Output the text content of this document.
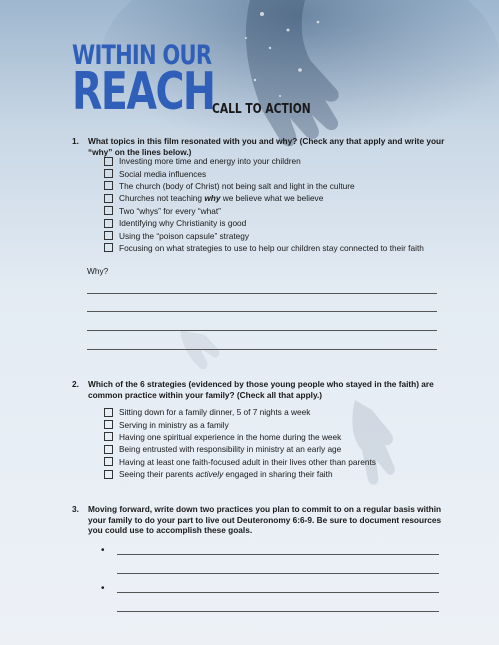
WITHIN OUR
REACH
CALL TO ACTION
1. What topics in this film resonated with you and why? (Check any that apply and write your
“why” on the lines below.)
Investing more time and energy into your children
Social media influences
The church (body of Christ) not being salt and light in the culture
Churches not teaching why we believe what we believe
Two “whys” for every “what”
Identifying why Christianity is good
Using the “poison capsule” strategy
Focusing on what strategies to use to help our children stay connected to their faith
Why?
2. Which of the 6 strategies (evidenced by those young people who stayed in the faith) are
common practice within your family? (Check all that apply.)
Sitting down for a family dinner, 5 of 7 nights a week
Serving in ministry as a family
Having one spiritual experience in the home during the week
Being entrusted with responsibility in ministry at an early age
Having at least one faith-focused adult in their lives other than parents
Seeing their parents actively engaged in sharing their faith
3. Moving forward, write down two practices you plan to commit to on a regular basis within
your family to do your part to live out Deuteronomy 6:6-9. Be sure to document resources
you could use to accomplish these goals.
•
•
